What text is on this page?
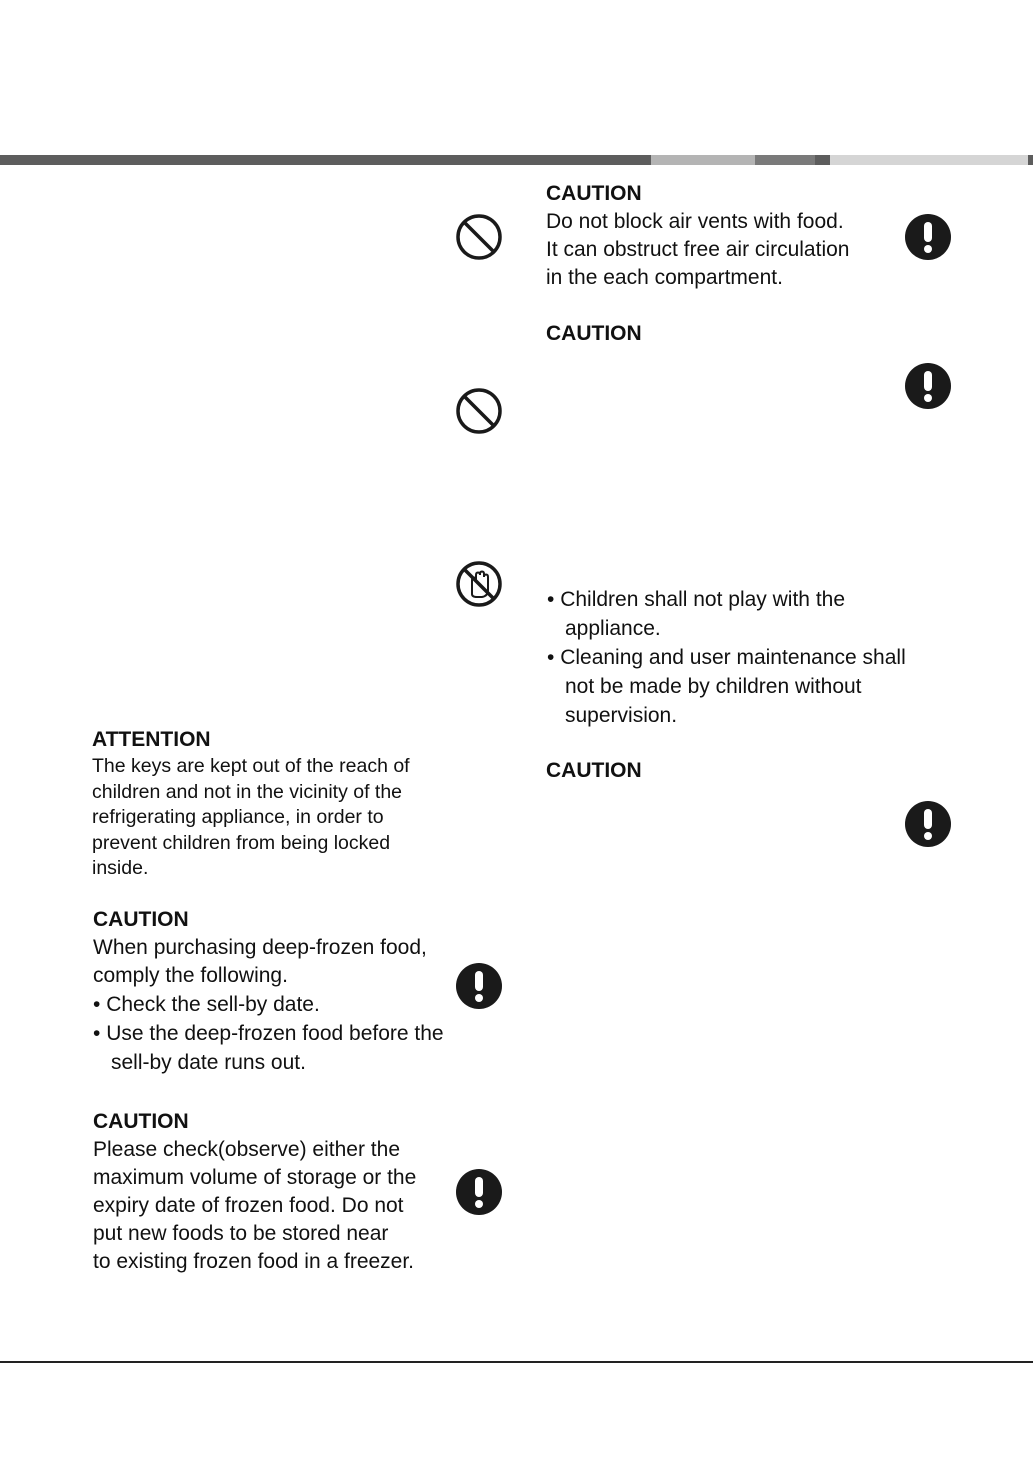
ATTENTION

The keys are kept out of the reach of

children and not in the vicinity of the

refrigerating appliance, in order to

prevent children from being locked

inside.

CAUTION

When purchasing deep-frozen food,

comply the following.

• Check the sell-by date.

• Use the deep-frozen food before the sell-by date runs out.

CAUTION

Please check(observe) either the

maximum volume of storage or the

expiry date of frozen food. Do not

put new foods to be stored near

to existing frozen food in a freezer.

CAUTION

Do not block air vents with food.

It can obstruct free air circulation

in the each compartment.

CAUTION

• Children shall not play with the appliance.

• Cleaning and user maintenance shall not be made by children without supervision.

CAUTION
